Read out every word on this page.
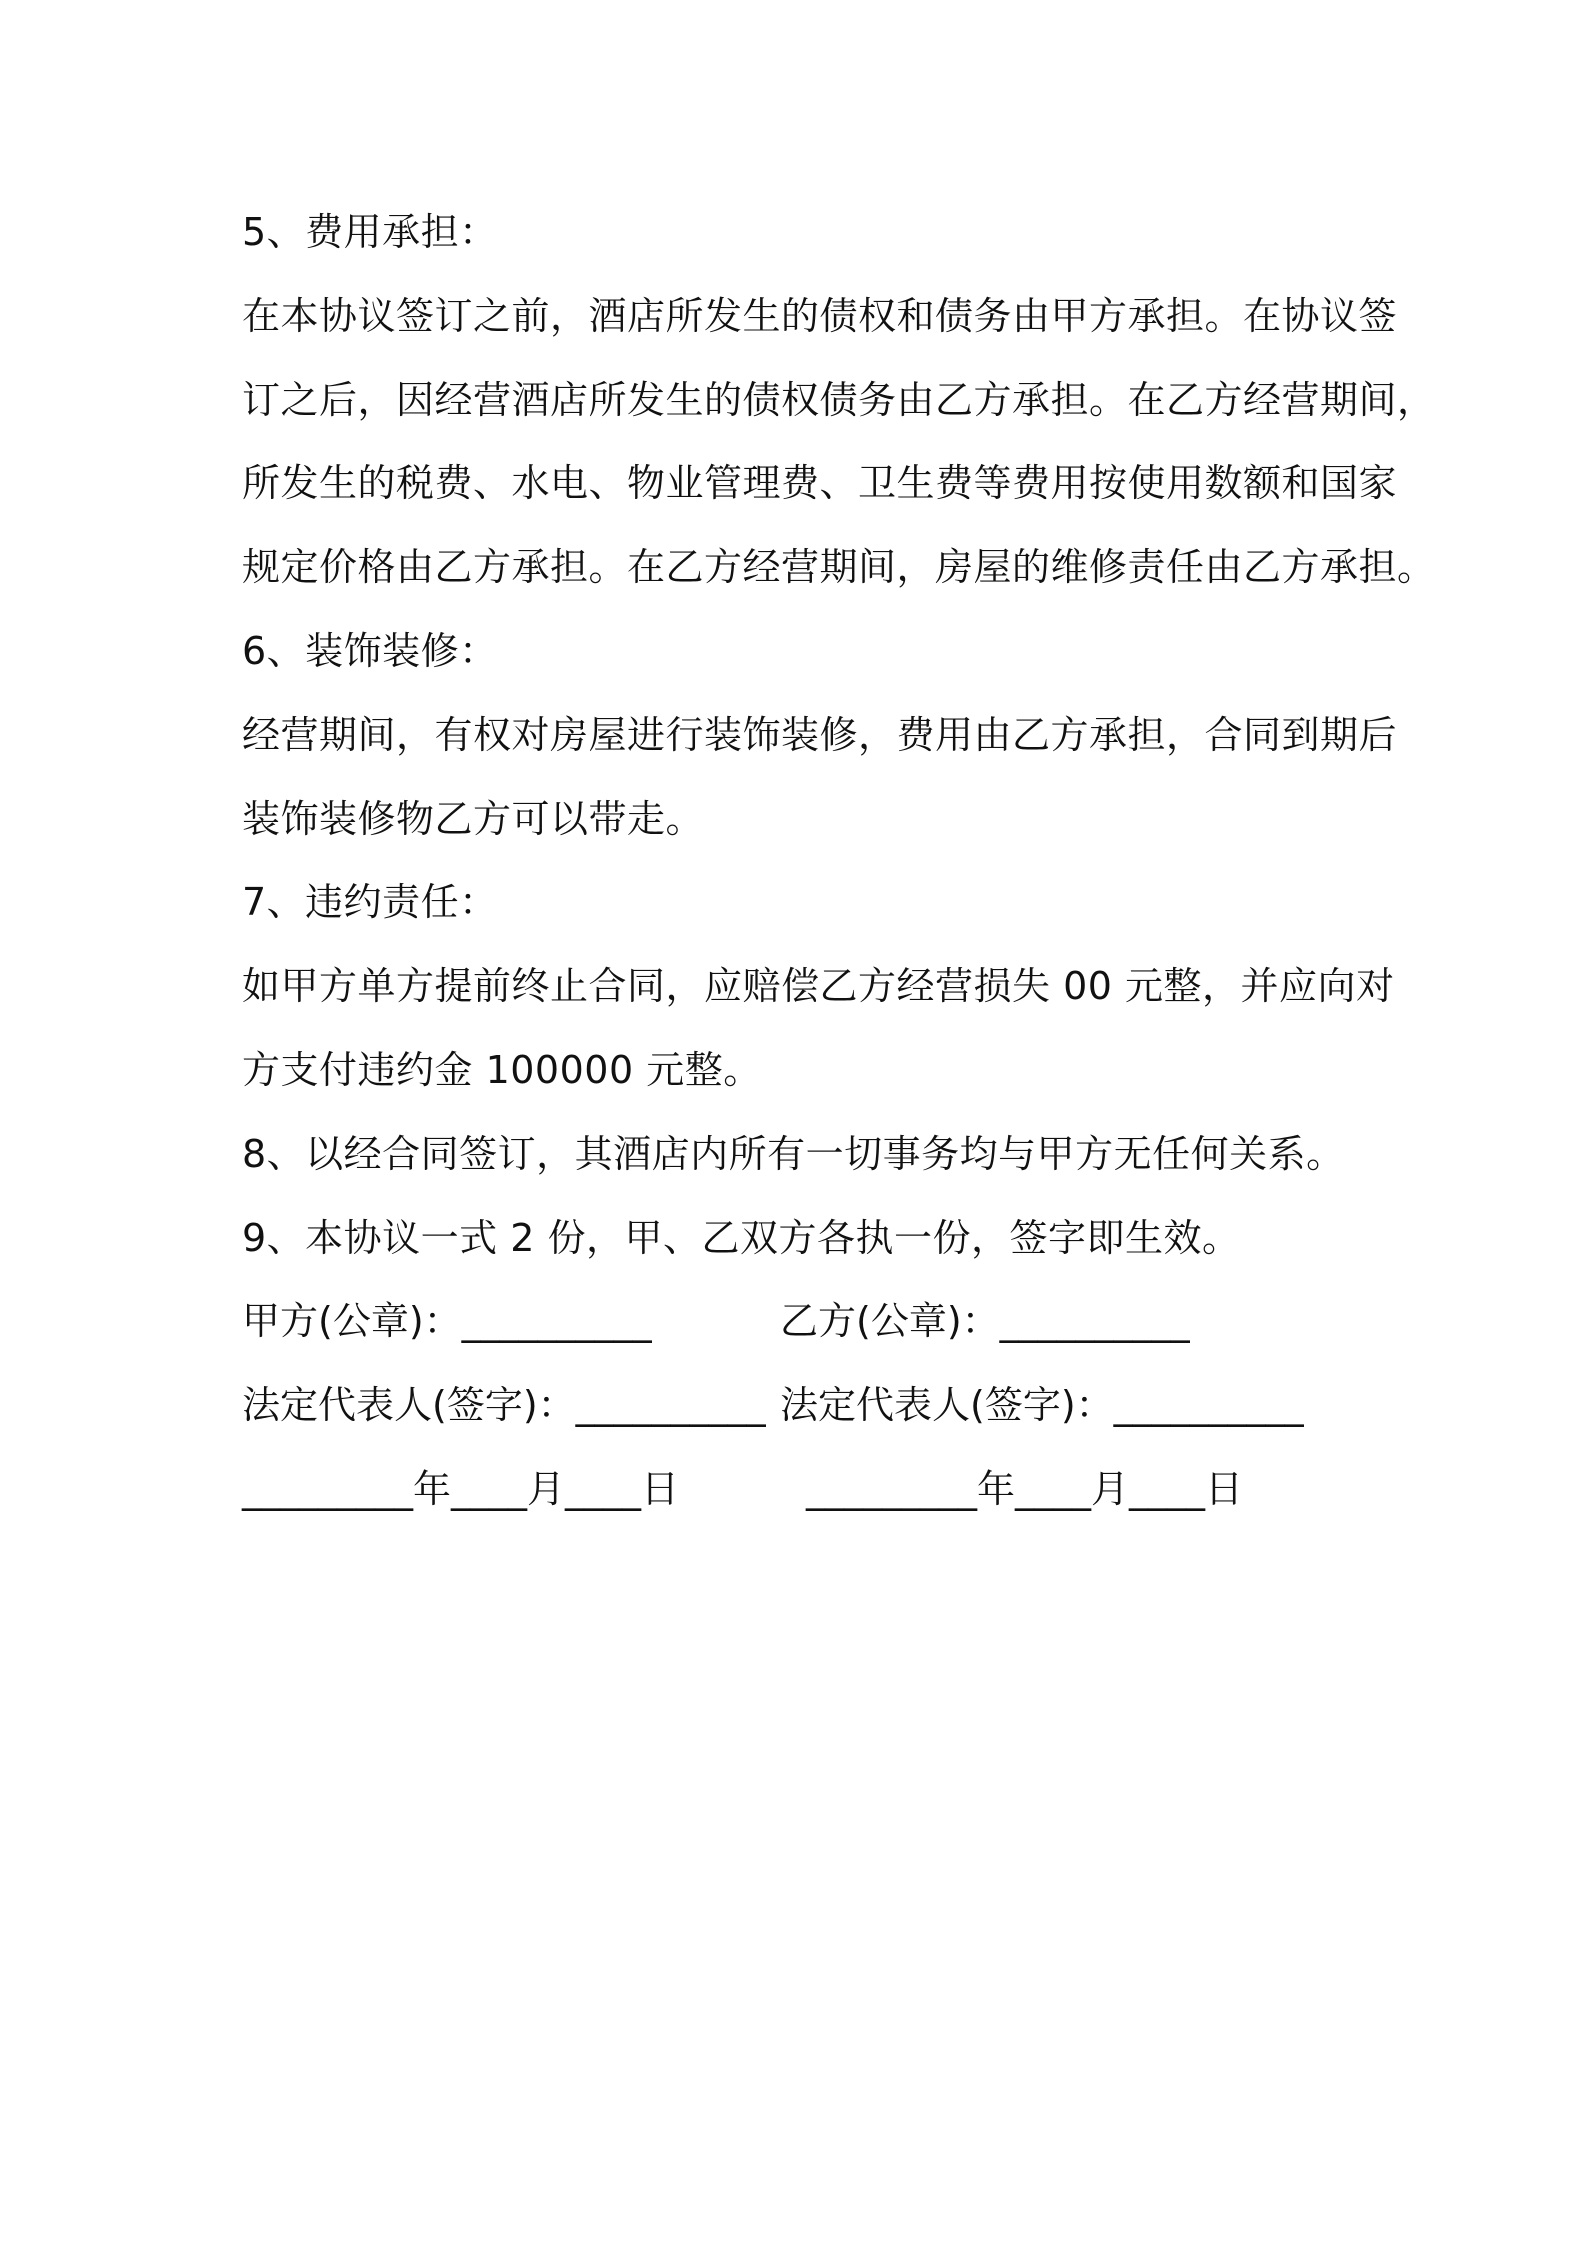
5、费用承担：
在本协议签订之前，酒店所发生的债权和债务由甲方承担。在协议签
订之后，因经营酒店所发生的债权债务由乙方承担。在乙方经营期间，
所发生的税费、水电、物业管理费、卫生费等费用按使用数额和国家
规定价格由乙方承担。在乙方经营期间，房屋的维修责任由乙方承担。
6、装饰装修：
经营期间，有权对房屋进行装饰装修，费用由乙方承担，合同到期后
装饰装修物乙方可以带走。
7、违约责任：
如甲方单方提前终止合同，应赔偿乙方经营损失 00 元整，并应向对
方支付违约金 100000 元整。
8、以经合同签订，其酒店内所有一切事务均与甲方无任何关系。
9、本协议一式 2 份，甲、乙双方各执一份，签字即生效。
甲方(公章)：__________	乙方(公章)：__________
法定代表人(签字)：__________ 法定代表人(签字)：__________
_________年____月____日	_________年____月____日
